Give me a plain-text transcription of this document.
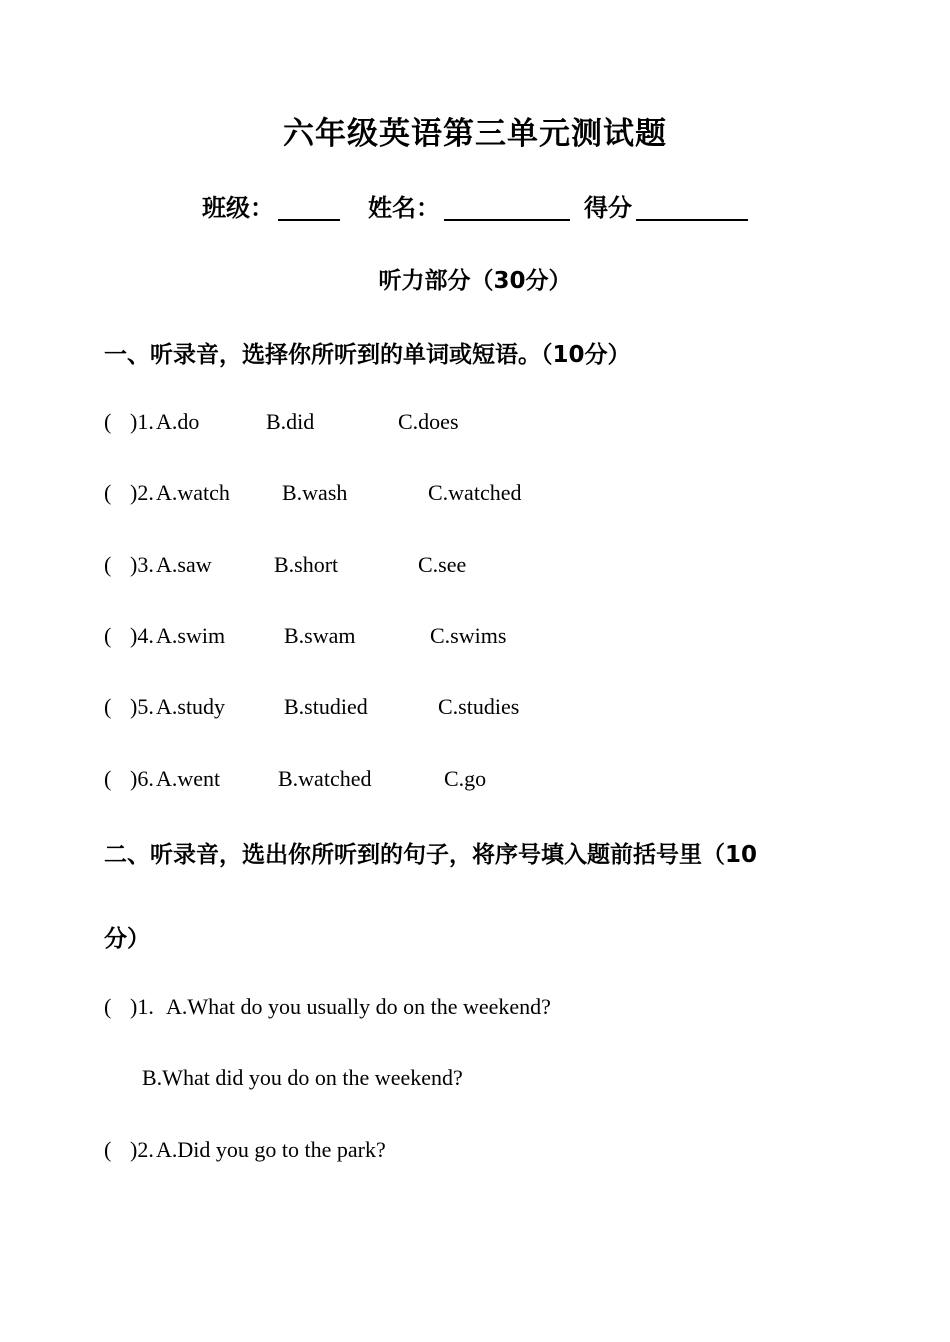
六年级英语第三单元测试题
班级：	姓名：	得分
听力部分（30分）
一、听录音，选择你所听到的单词或短语。（10分）
( )1. A.do	B.did	C.does
( )2. A.watch B.wash	C.watched
( )3. A.saw	B.short	C.see
( )4. A.swim	B.swam	C.swims
( )5. A.study	B.studied	C.studies
( )6. A.went	B.watched	C.go
二、听录音，选出你所听到的句子，将序号填入题前括号里（10
分）
( )1. A.What do you usually do on the weekend?
B.What did you do on the weekend?
( )2. A.Did you go to the park?
